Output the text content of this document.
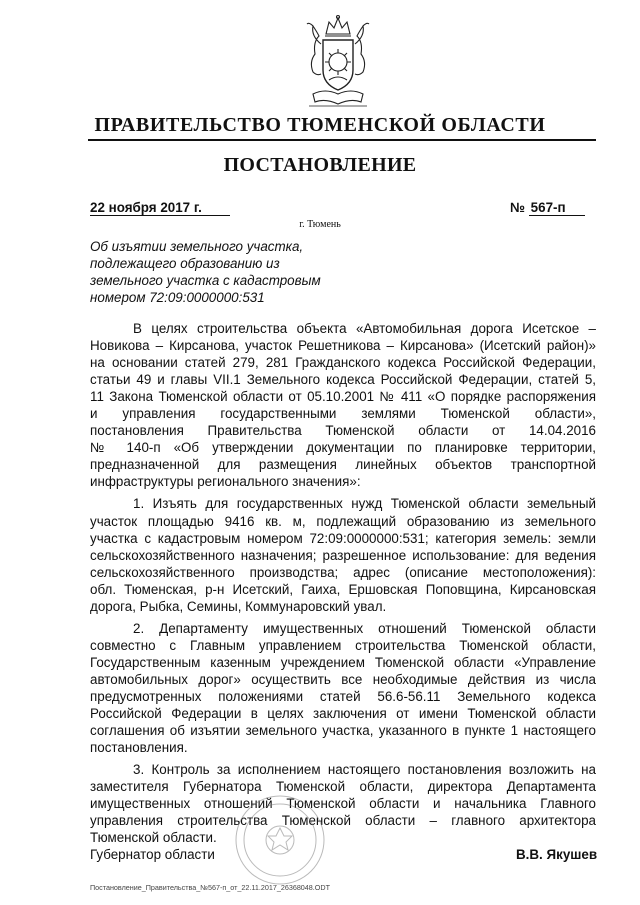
ПРАВИТЕЛЬСТВО ТЮМЕНСКОЙ ОБЛАСТИ
ПОСТАНОВЛЕНИЕ
22 ноября 2017 г.	№ 567-п
г. Тюмень
Об изъятии земельного участка,
подлежащего образованию из
земельного участка с кадастровым
номером 72:09:0000000:531
В целях строительства объекта «Автомобильная дорога Исетское –
Новикова – Кирсанова, участок Решетникова – Кирсанова» (Исетский район)»
на основании статей 279, 281 Гражданского кодекса Российской Федерации,
статьи 49 и главы VII.1 Земельного кодекса Российской Федерации, статей 5,
11 Закона Тюменской области от 05.10.2001 № 411 «О порядке распоряжения
и управления государственными землями Тюменской области»,
постановления Правительства Тюменской области от 14.04.2016
№ 140-п «Об утверждении документации по планировке территории,
предназначенной для размещения линейных объектов транспортной
инфраструктуры регионального значения»:
1. Изъять для государственных нужд Тюменской области земельный
участок площадью 9416 кв. м, подлежащий образованию из земельного
участка с кадастровым номером 72:09:0000000:531; категория земель: земли
сельскохозяйственного назначения; разрешенное использование: для ведения
сельскохозяйственного производства; адрес (описание местоположения):
обл. Тюменская, р-н Исетский, Гаиха, Ершовская Поповщина, Кирсановская
дорога, Рыбка, Семины, Коммунаровский увал.
2. Департаменту имущественных отношений Тюменской области
совместно с Главным управлением строительства Тюменской области,
Государственным казенным учреждением Тюменской области «Управление
автомобильных дорог» осуществить все необходимые действия из числа
предусмотренных положениями статей 56.6-56.11 Земельного кодекса
Российской Федерации в целях заключения от имени Тюменской области
соглашения об изъятии земельного участка, указанного в пункте 1 настоящего
постановления.
3. Контроль за исполнением настоящего постановления возложить на
заместителя Губернатора Тюменской области, директора Департамента
имущественных отношений Тюменской области и начальника Главного
управления строительства Тюменской области – главного архитектора
Тюменской области.
Губернатор области	В.В. Якушев
Постановление_Правительства_№567-п_от_22.11.2017_26368048.ODT
